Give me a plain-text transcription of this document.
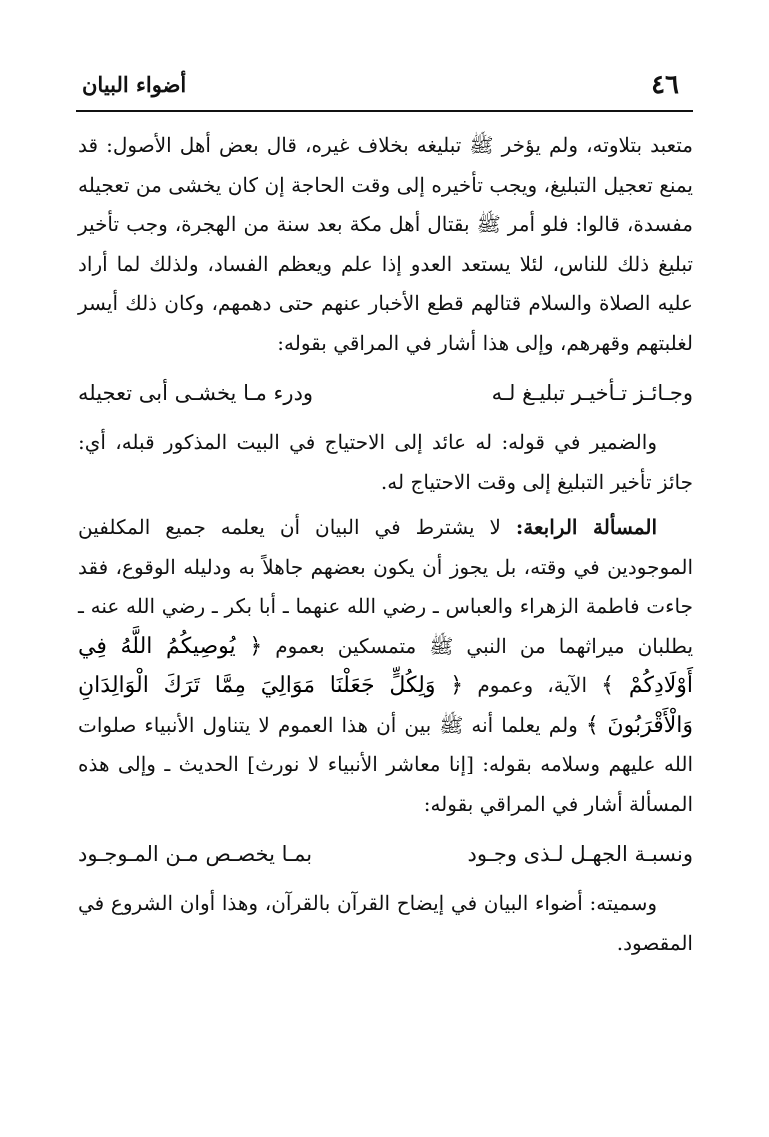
٤٦
أضواء البيان

متعبد بتلاوته، ولم يؤخر ﷺ تبليغه بخلاف غيره، قال بعض أهل الأصول: قد يمنع تعجيل التبليغ، ويجب تأخيره إلى وقت الحاجة إن كان يخشى من تعجيله مفسدة، قالوا: فلو أمر ﷺ بقتال أهل مكة بعد سنة من الهجرة، وجب تأخير تبليغ ذلك للناس، لئلا يستعد العدو إذا علم ويعظم الفساد، ولذلك لما أراد عليه الصلاة والسلام قتالهم قطع الأخبار عنهم حتى دهمهم، وكان ذلك أيسر لغلبتهم وقهرهم، وإلى هذا أشار في المراقي بقوله:

وجـائـز تـأخيـر تبليـغ لـه
ودرء مـا يخشـى أبى تعجيله

والضمير في قوله: له عائد إلى الاحتياج في البيت المذكور قبله، أي: جائز تأخير التبليغ إلى وقت الاحتياج له.

المسألة الرابعة: لا يشترط في البيان أن يعلمه جميع المكلفين الموجودين في وقته، بل يجوز أن يكون بعضهم جاهلاً به ودليله الوقوع، فقد جاءت فاطمة الزهراء والعباس ـ رضي الله عنهما ـ أبا بكر ـ رضي الله عنه ـ يطلبان ميراثهما من النبي ﷺ متمسكين بعموم ﴿ يُوصِيكُمُ اللَّهُ فِي أَوْلَادِكُمْ ﴾ الآية، وعموم ﴿ وَلِكُلٍّ جَعَلْنَا مَوَالِيَ مِمَّا تَرَكَ الْوَالِدَانِ وَالْأَقْرَبُونَ ﴾ ولم يعلما أنه ﷺ بين أن هذا العموم لا يتناول الأنبياء صلوات الله عليهم وسلامه بقوله: [إنا معاشر الأنبياء لا نورث] الحديث ـ وإلى هذه المسألة أشار في المراقي بقوله:

ونسبـة الجهـل لـذى وجـود
بمـا يخصـص مـن المـوجـود

وسميته: أضواء البيان في إيضاح القرآن بالقرآن، وهذا أوان الشروع في المقصود.
